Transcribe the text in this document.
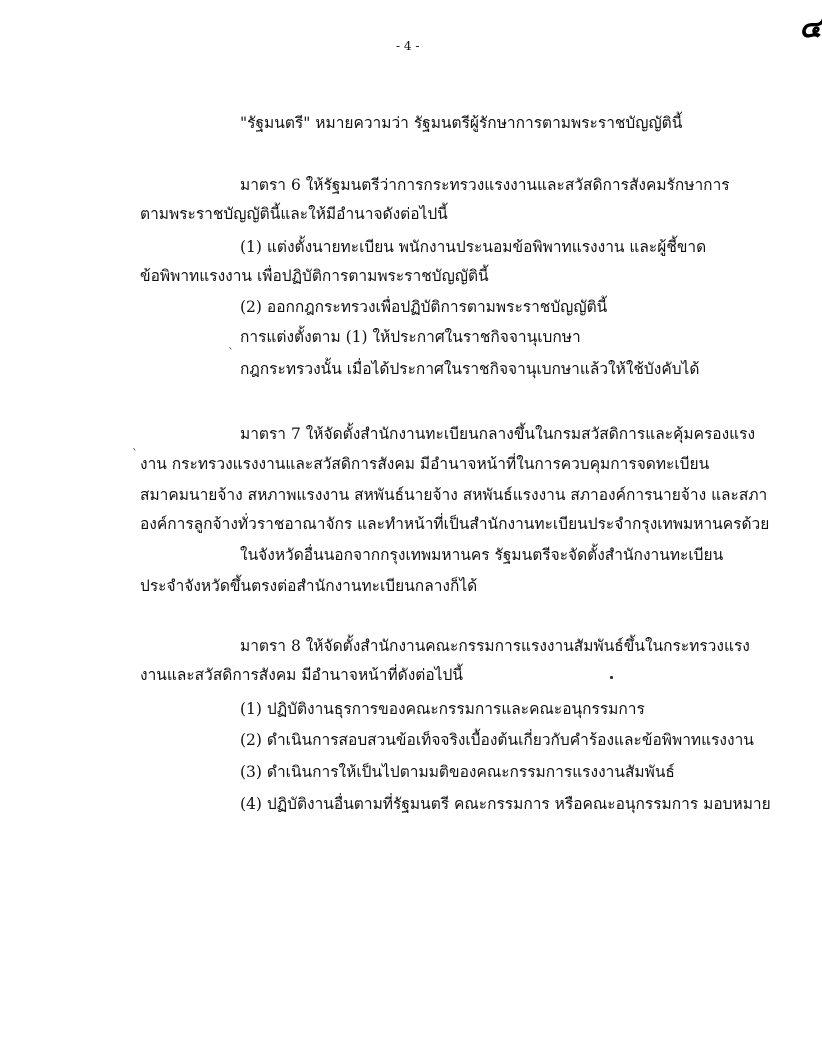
- 4 -
๔
"รัฐมนตรี" หมายความว่า รัฐมนตรีผู้รักษาการตามพระราชบัญญัตินี้
มาตรา 6 ให้รัฐมนตรีว่าการกระทรวงแรงงานและสวัสดิการสังคมรักษาการ
ตามพระราชบัญญัตินี้และให้มีอำนาจดังต่อไปนี้
(1) แต่งตั้งนายทะเบียน พนักงานประนอมข้อพิพาทแรงงาน และผู้ชี้ขาด
ข้อพิพาทแรงงาน เพื่อปฏิบัติการตามพระราชบัญญัตินี้
(2) ออกกฎกระทรวงเพื่อปฏิบัติการตามพระราชบัญญัตินี้
การแต่งตั้งตาม (1) ให้ประกาศในราชกิจจานุเบกษา
`
กฎกระทรวงนั้น เมื่อได้ประกาศในราชกิจจานุเบกษาแล้วให้ใช้บังคับได้
มาตรา 7 ให้จัดตั้งสำนักงานทะเบียนกลางขึ้นในกรมสวัสดิการและคุ้มครองแรง
`
งาน กระทรวงแรงงานและสวัสดิการสังคม มีอำนาจหน้าที่ในการควบคุมการจดทะเบียน
สมาคมนายจ้าง สหภาพแรงงาน สหพันธ์นายจ้าง สหพันธ์แรงงาน สภาองค์การนายจ้าง และสภา
องค์การลูกจ้างทั่วราชอาณาจักร และทำหน้าที่เป็นสำนักงานทะเบียนประจำกรุงเทพมหานครด้วย
ในจังหวัดอื่นนอกจากกรุงเทพมหานคร รัฐมนตรีจะจัดตั้งสำนักงานทะเบียน
ประจำจังหวัดขึ้นตรงต่อสำนักงานทะเบียนกลางก็ได้
มาตรา 8 ให้จัดตั้งสำนักงานคณะกรรมการแรงงานสัมพันธ์ขึ้นในกระทรวงแรง
งานและสวัสดิการสังคม มีอำนาจหน้าที่ดังต่อไปนี้
(1) ปฏิบัติงานธุรการของคณะกรรมการและคณะอนุกรรมการ
(2) ดำเนินการสอบสวนข้อเท็จจริงเบื้องต้นเกี่ยวกับคำร้องและข้อพิพาทแรงงาน
(3) ดำเนินการให้เป็นไปตามมติของคณะกรรมการแรงงานสัมพันธ์
(4) ปฏิบัติงานอื่นตามที่รัฐมนตรี คณะกรรมการ หรือคณะอนุกรรมการ มอบหมาย
